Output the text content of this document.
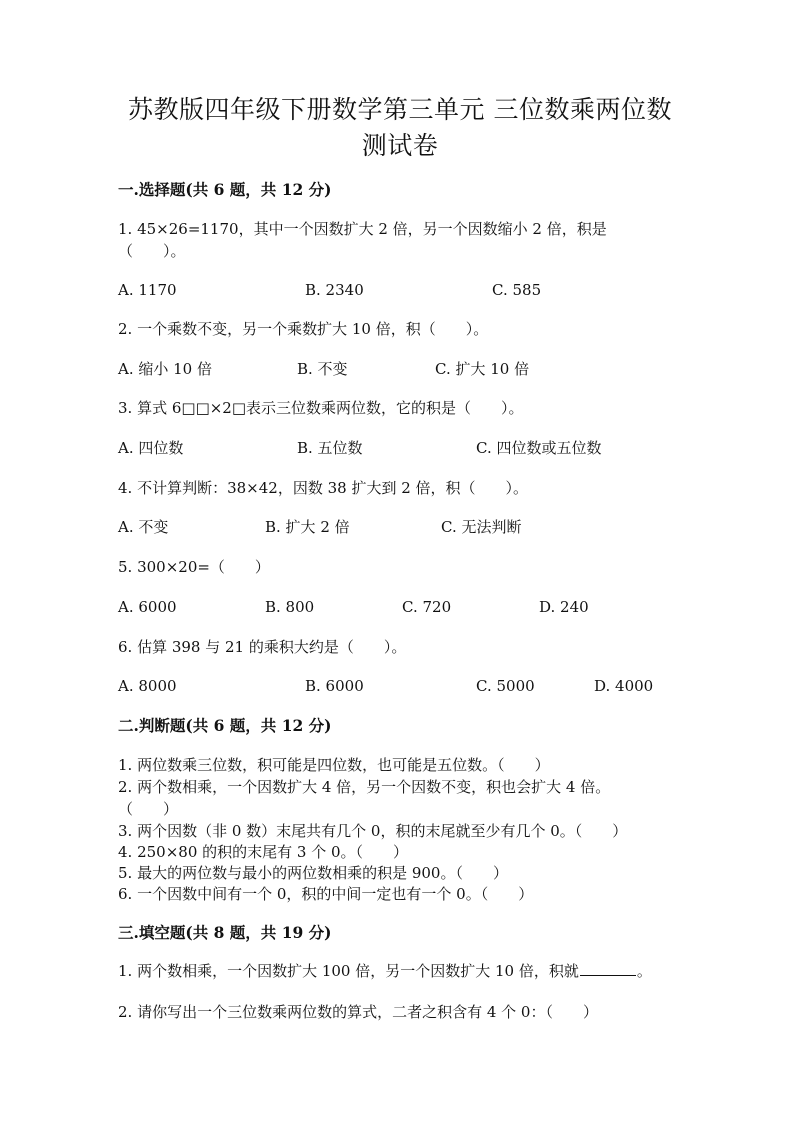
苏教版四年级下册数学第三单元 三位数乘两位数
测试卷
一.选择题(共 6 题，共 12 分)
1. 45×26=1170，其中一个因数扩大 2 倍，另一个因数缩小 2 倍，积是
（　　）。
A. 1170	B. 2340	C. 585
2. 一个乘数不变，另一个乘数扩大 10 倍，积（　　）。
A. 缩小 10 倍	B. 不变	C. 扩大 10 倍
3. 算式 6□□×2□表示三位数乘两位数，它的积是（　　）。
A. 四位数	B. 五位数	C. 四位数或五位数
4. 不计算判断：38×42，因数 38 扩大到 2 倍，积（　　）。
A. 不变	B. 扩大 2 倍	C. 无法判断
5. 300×20=（　　）
A. 6000	B. 800	C. 720	D. 240
6. 估算 398 与 21 的乘积大约是（　　）。
A. 8000	B. 6000	C. 5000	D. 4000
二.判断题(共 6 题，共 12 分)
1. 两位数乘三位数，积可能是四位数，也可能是五位数。（　　）
2. 两个数相乘，一个因数扩大 4 倍，另一个因数不变，积也会扩大 4 倍。
（　　）
3. 两个因数（非 0 数）末尾共有几个 0，积的末尾就至少有几个 0。（　　）
4. 250×80 的积的末尾有 3 个 0。（　　）
5. 最大的两位数与最小的两位数相乘的积是 900。（　　）
6. 一个因数中间有一个 0，积的中间一定也有一个 0。（　　）
三.填空题(共 8 题，共 19 分)
1. 两个数相乘，一个因数扩大 100 倍，另一个因数扩大 10 倍，积就	。
2. 请你写出一个三位数乘两位数的算式，二者之积含有 4 个 0：（　　）
